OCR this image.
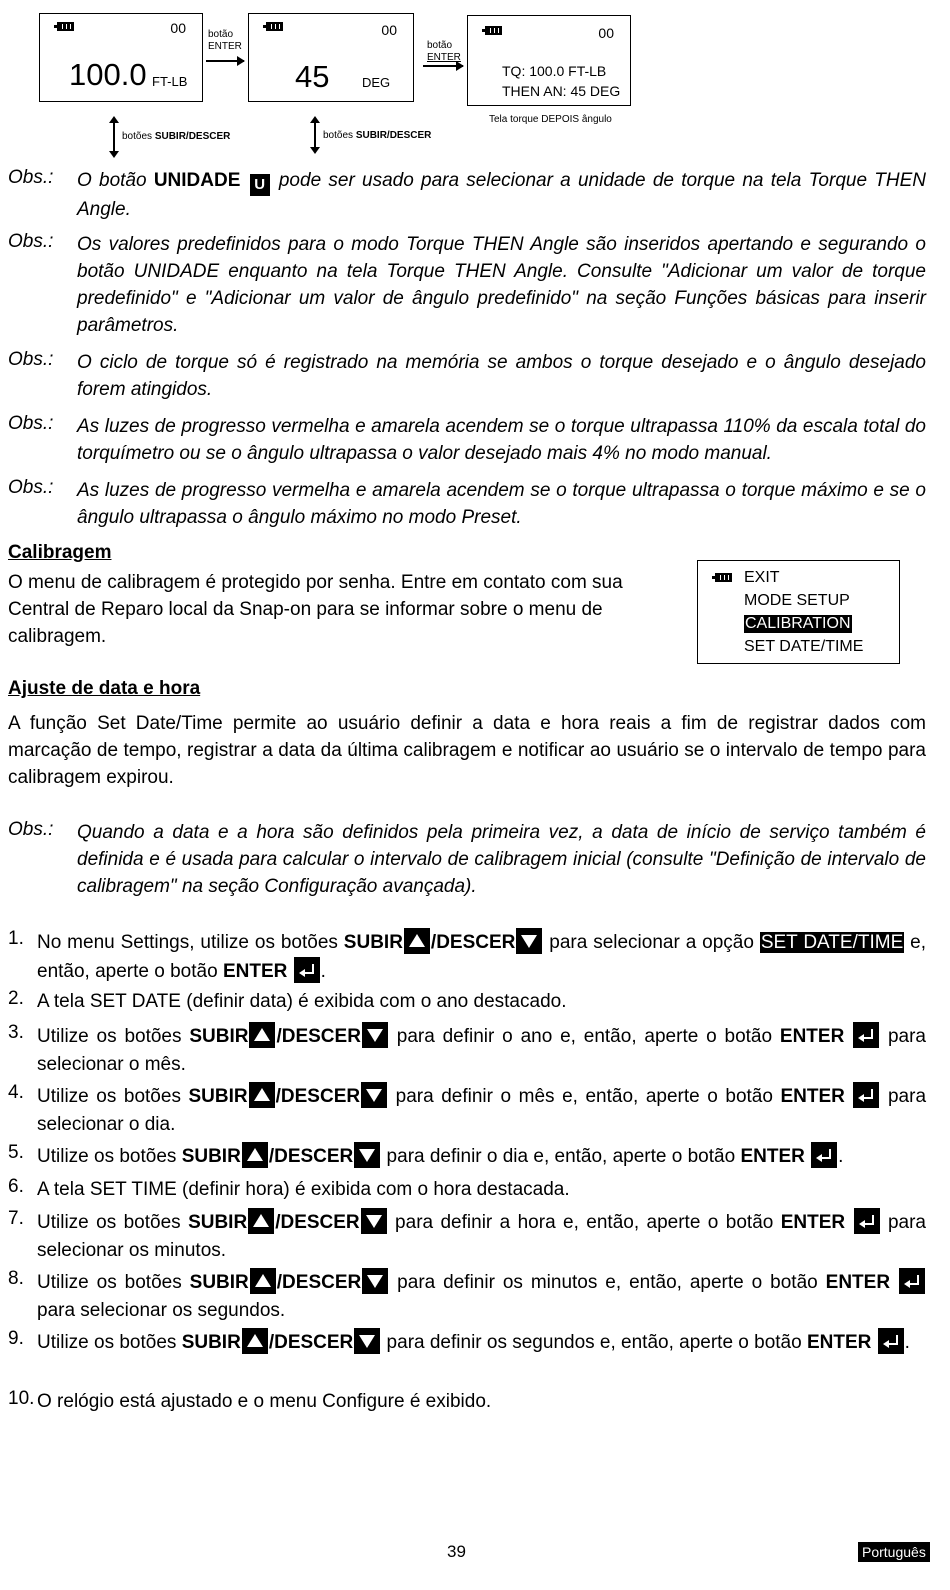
00
100.0 FT-LB
botão
ENTER
00
45	DEG
botão
ENTER
00
TQ: 100.0 FT-LB
THEN AN: 45 DEG
Tela torque DEPOIS ângulo
botões SUBIR/DESCER	botões SUBIR/DESCER
Obs.: O botão UNIDADE U pode ser usado para selecionar a unidade de torque na tela Torque THEN Angle.
Obs.: Os valores predefinidos para o modo Torque THEN Angle são inseridos apertando e segurando o botão UNIDADE enquanto na tela Torque THEN Angle. Consulte "Adicionar um valor de torque predefinido" e "Adicionar um valor de ângulo predefinido" na seção Funções básicas para inserir parâmetros.
Obs.: O ciclo de torque só é registrado na memória se ambos o torque desejado e o ângulo desejado forem atingidos.
Obs.: As luzes de progresso vermelha e amarela acendem se o torque ultrapassa 110% da escala total do torquímetro ou se o ângulo ultrapassa o valor desejado mais 4% no modo manual.
Obs.: As luzes de progresso vermelha e amarela acendem se o torque ultrapassa o torque máximo e se o ângulo ultrapassa o ângulo máximo no modo Preset.
Calibragem
O menu de calibragem é protegido por senha. Entre em contato com sua Central de Reparo local da Snap-on para se informar sobre o menu de calibragem.
EXIT
MODE SETUP
CALIBRATION
SET DATE/TIME
Ajuste de data e hora
A função Set Date/Time permite ao usuário definir a data e hora reais a fim de registrar dados com marcação de tempo, registrar a data da última calibragem e notificar ao usuário se o intervalo de tempo para calibragem expirou.
Obs.: Quando a data e a hora são definidos pela primeira vez, a data de início de serviço também é definida e é usada para calcular o intervalo de calibragem inicial (consulte "Definição de intervalo de calibragem" na seção Configuração avançada).
1. No menu Settings, utilize os botões SUBIR /DESCER para selecionar a opção SET DATE/TIME e, então, aperte o botão ENTER .
2. A tela SET DATE (definir data) é exibida com o ano destacado.
3. Utilize os botões SUBIR /DESCER para definir o ano e, então, aperte o botão ENTER
para selecionar o mês.
4. Utilize os botões SUBIR /DESCER para definir o mês e, então, aperte o botão ENTER
para selecionar o dia.
5. Utilize os botões SUBIR /DESCER para definir o dia e, então, aperte o botão ENTER .
6. A tela SET TIME (definir hora) é exibida com o hora destacada.
7. Utilize os botões SUBIR /DESCER para definir a hora e, então, aperte o botão ENTER
para selecionar os minutos.
8. Utilize os botões SUBIR /DESCER para definir os minutos e, então, aperte o botão ENTER
para selecionar os segundos.
9. Utilize os botões SUBIR /DESCER para definir os segundos e, então, aperte o botão ENTER .
10. O relógio está ajustado e o menu Configure é exibido.
39	Português
